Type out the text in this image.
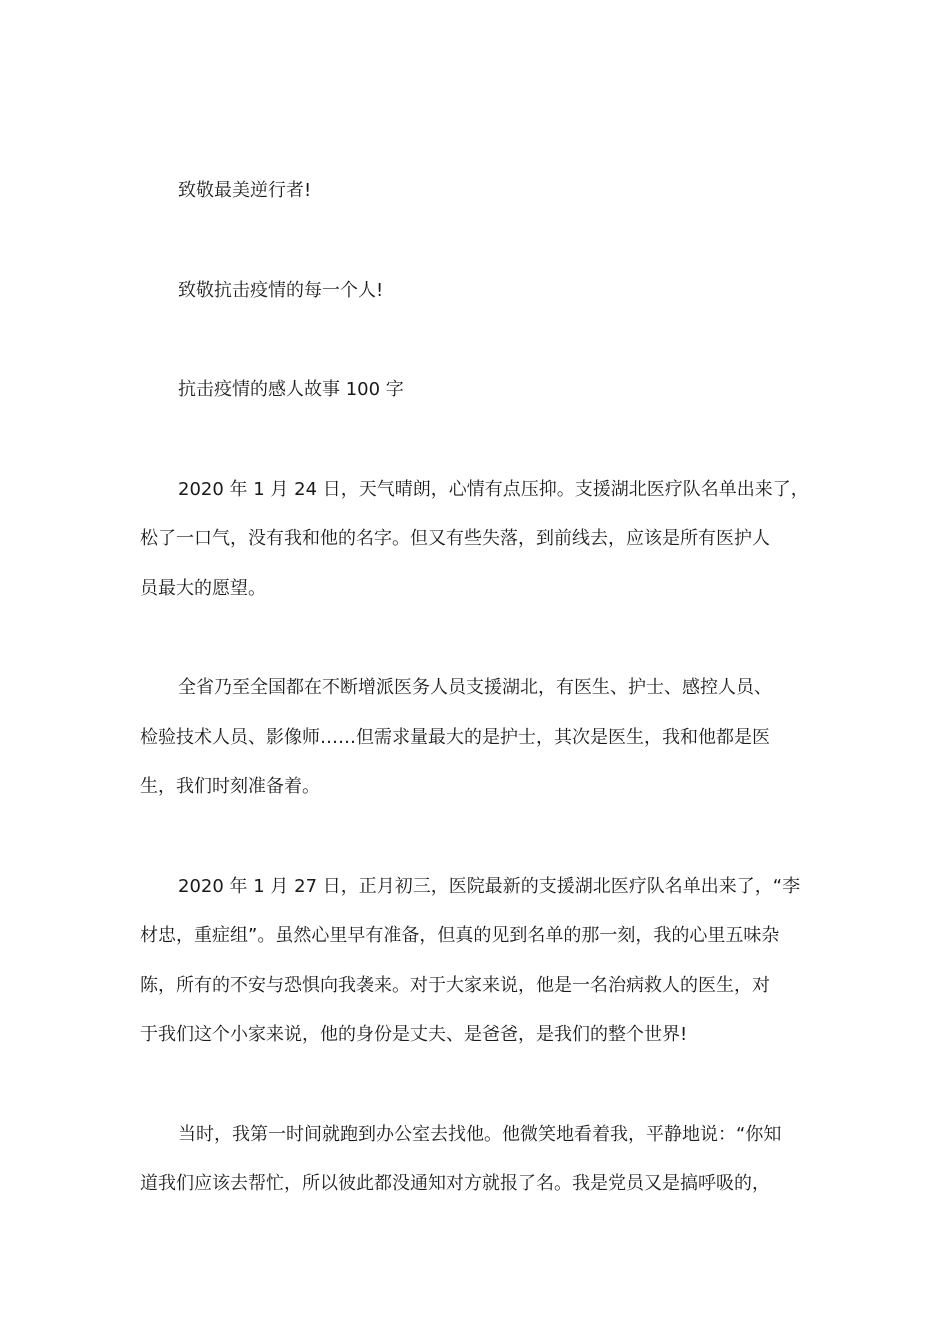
致敬最美逆行者!

致敬抗击疫情的每一个人!

抗击疫情的感人故事 100 字

2020 年 1 月 24 日，天气晴朗，心情有点压抑。支援湖北医疗队名单出来了，

松了一口气，没有我和他的名字。但又有些失落，到前线去，应该是所有医护人

员最大的愿望。

全省乃至全国都在不断增派医务人员支援湖北，有医生、护士、感控人员、

检验技术人员、影像师……但需求量最大的是护士，其次是医生，我和他都是医

生，我们时刻准备着。

2020 年 1 月 27 日，正月初三，医院最新的支援湖北医疗队名单出来了，“李

材忠，重症组”。虽然心里早有准备，但真的见到名单的那一刻，我的心里五味杂

陈，所有的不安与恐惧向我袭来。对于大家来说，他是一名治病救人的医生，对

于我们这个小家来说，他的身份是丈夫、是爸爸，是我们的整个世界!

当时，我第一时间就跑到办公室去找他。他微笑地看着我，平静地说：“你知

道我们应该去帮忙，所以彼此都没通知对方就报了名。我是党员又是搞呼吸的，
